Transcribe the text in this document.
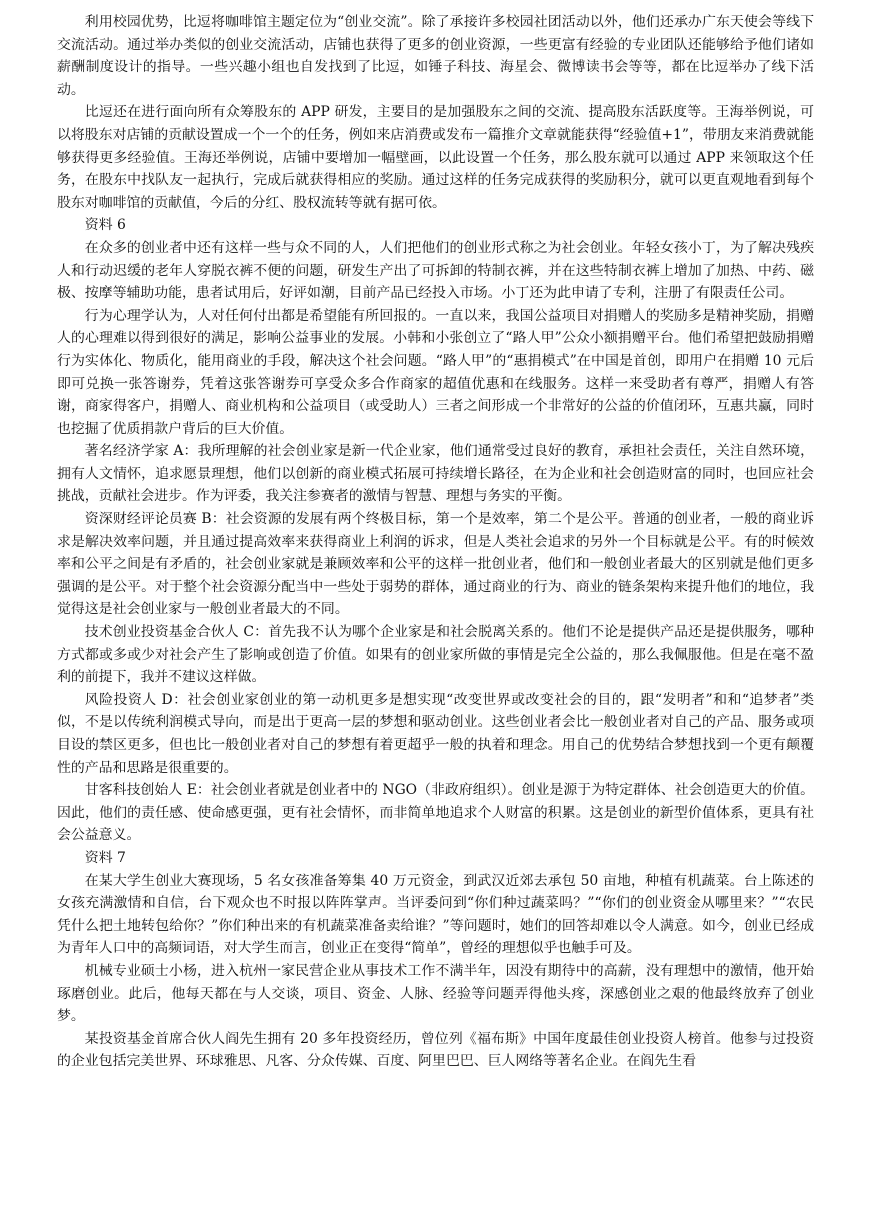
利用校园优势，比逗将咖啡馆主题定位为“创业交流”。除了承接许多校园社团活动以外，他们还承办广东天使会等线下交流活动。通过举办类似的创业交流活动，店铺也获得了更多的创业资源，一些更富有经验的专业团队还能够给予他们诸如薪酬制度设计的指导。一些兴趣小组也自发找到了比逗，如锤子科技、海星会、微博读书会等等，都在比逗举办了线下活动。

比逗还在进行面向所有众筹股东的 APP 研发，主要目的是加强股东之间的交流、提高股东活跃度等。王海举例说，可以将股东对店铺的贡献设置成一个一个的任务，例如来店消费或发布一篇推介文章就能获得“经验值+1”，带朋友来消费就能够获得更多经验值。王海还举例说，店铺中要增加一幅壁画，以此设置一个任务，那么股东就可以通过 APP 来领取这个任务，在股东中找队友一起执行，完成后就获得相应的奖励。通过这样的任务完成获得的奖励积分，就可以更直观地看到每个股东对咖啡馆的贡献值，今后的分红、股权流转等就有据可依。

资料 6

在众多的创业者中还有这样一些与众不同的人，人们把他们的创业形式称之为社会创业。年轻女孩小丁，为了解决残疾人和行动迟缓的老年人穿脱衣裤不便的问题，研发生产出了可拆卸的特制衣裤，并在这些特制衣裤上增加了加热、中药、磁极、按摩等辅助功能，患者试用后，好评如潮，目前产品已经投入市场。小丁还为此申请了专利，注册了有限责任公司。

行为心理学认为，人对任何付出都是希望能有所回报的。一直以来，我国公益项目对捐赠人的奖励多是精神奖励，捐赠人的心理难以得到很好的满足，影响公益事业的发展。小韩和小张创立了“路人甲”公众小额捐赠平台。他们希望把鼓励捐赠行为实体化、物质化，能用商业的手段，解决这个社会问题。“路人甲”的“惠捐模式”在中国是首创，即用户在捐赠 10 元后即可兑换一张答谢券，凭着这张答谢券可享受众多合作商家的超值优惠和在线服务。这样一来受助者有尊严，捐赠人有答谢，商家得客户，捐赠人、商业机构和公益项目（或受助人）三者之间形成一个非常好的公益的价值闭环，互惠共赢，同时也挖掘了优质捐款户背后的巨大价值。

著名经济学家 A：我所理解的社会创业家是新一代企业家，他们通常受过良好的教育，承担社会责任，关注自然环境，拥有人文情怀，追求愿景理想，他们以创新的商业模式拓展可持续增长路径，在为企业和社会创造财富的同时，也回应社会挑战，贡献社会进步。作为评委，我关注参赛者的激情与智慧、理想与务实的平衡。

资深财经评论员赛 B：社会资源的发展有两个终极目标，第一个是效率，第二个是公平。普通的创业者，一般的商业诉求是解决效率问题，并且通过提高效率来获得商业上利润的诉求，但是人类社会追求的另外一个目标就是公平。有的时候效率和公平之间是有矛盾的，社会创业家就是兼顾效率和公平的这样一批创业者，他们和一般创业者最大的区别就是他们更多强调的是公平。对于整个社会资源分配当中一些处于弱势的群体，通过商业的行为、商业的链条架构来提升他们的地位，我觉得这是社会创业家与一般创业者最大的不同。

技术创业投资基金合伙人 C：首先我不认为哪个企业家是和社会脱离关系的。他们不论是提供产品还是提供服务，哪种方式都或多或少对社会产生了影响或创造了价值。如果有的创业家所做的事情是完全公益的，那么我佩服他。但是在毫不盈利的前提下，我并不建议这样做。

风险投资人 D：社会创业家创业的第一动机更多是想实现“改变世界或改变社会的目的，跟“发明者”和和“追梦者”类似，不是以传统利润模式导向，而是出于更高一层的梦想和驱动创业。这些创业者会比一般创业者对自己的产品、服务或项目设的禁区更多，但也比一般创业者对自己的梦想有着更超乎一般的执着和理念。用自己的优势结合梦想找到一个更有颠覆性的产品和思路是很重要的。

甘客科技创始人 E：社会创业者就是创业者中的 NGO（非政府组织）。创业是源于为特定群体、社会创造更大的价值。因此，他们的责任感、使命感更强，更有社会情怀，而非简单地追求个人财富的积累。这是创业的新型价值体系，更具有社会公益意义。

资料 7

在某大学生创业大赛现场，5 名女孩准备筹集 40 万元资金，到武汉近郊去承包 50 亩地，种植有机蔬菜。台上陈述的女孩充满激情和自信，台下观众也不时报以阵阵掌声。当评委问到“你们种过蔬菜吗？”“你们的创业资金从哪里来？”“农民凭什么把土地转包给你？”你们种出来的有机蔬菜准备卖给谁？”等问题时，她们的回答却难以令人满意。如今，创业已经成为青年人口中的高频词语，对大学生而言，创业正在变得“简单”，曾经的理想似乎也触手可及。

机械专业硕士小杨，进入杭州一家民营企业从事技术工作不满半年，因没有期待中的高薪，没有理想中的激情，他开始琢磨创业。此后，他每天都在与人交谈，项目、资金、人脉、经验等问题弄得他头疼，深感创业之艰的他最终放弃了创业梦。

某投资基金首席合伙人阎先生拥有 20 多年投资经历，曾位列《福布斯》中国年度最佳创业投资人榜首。他参与过投资的企业包括完美世界、环球雅思、凡客、分众传媒、百度、阿里巴巴、巨人网络等著名企业。在阎先生看
